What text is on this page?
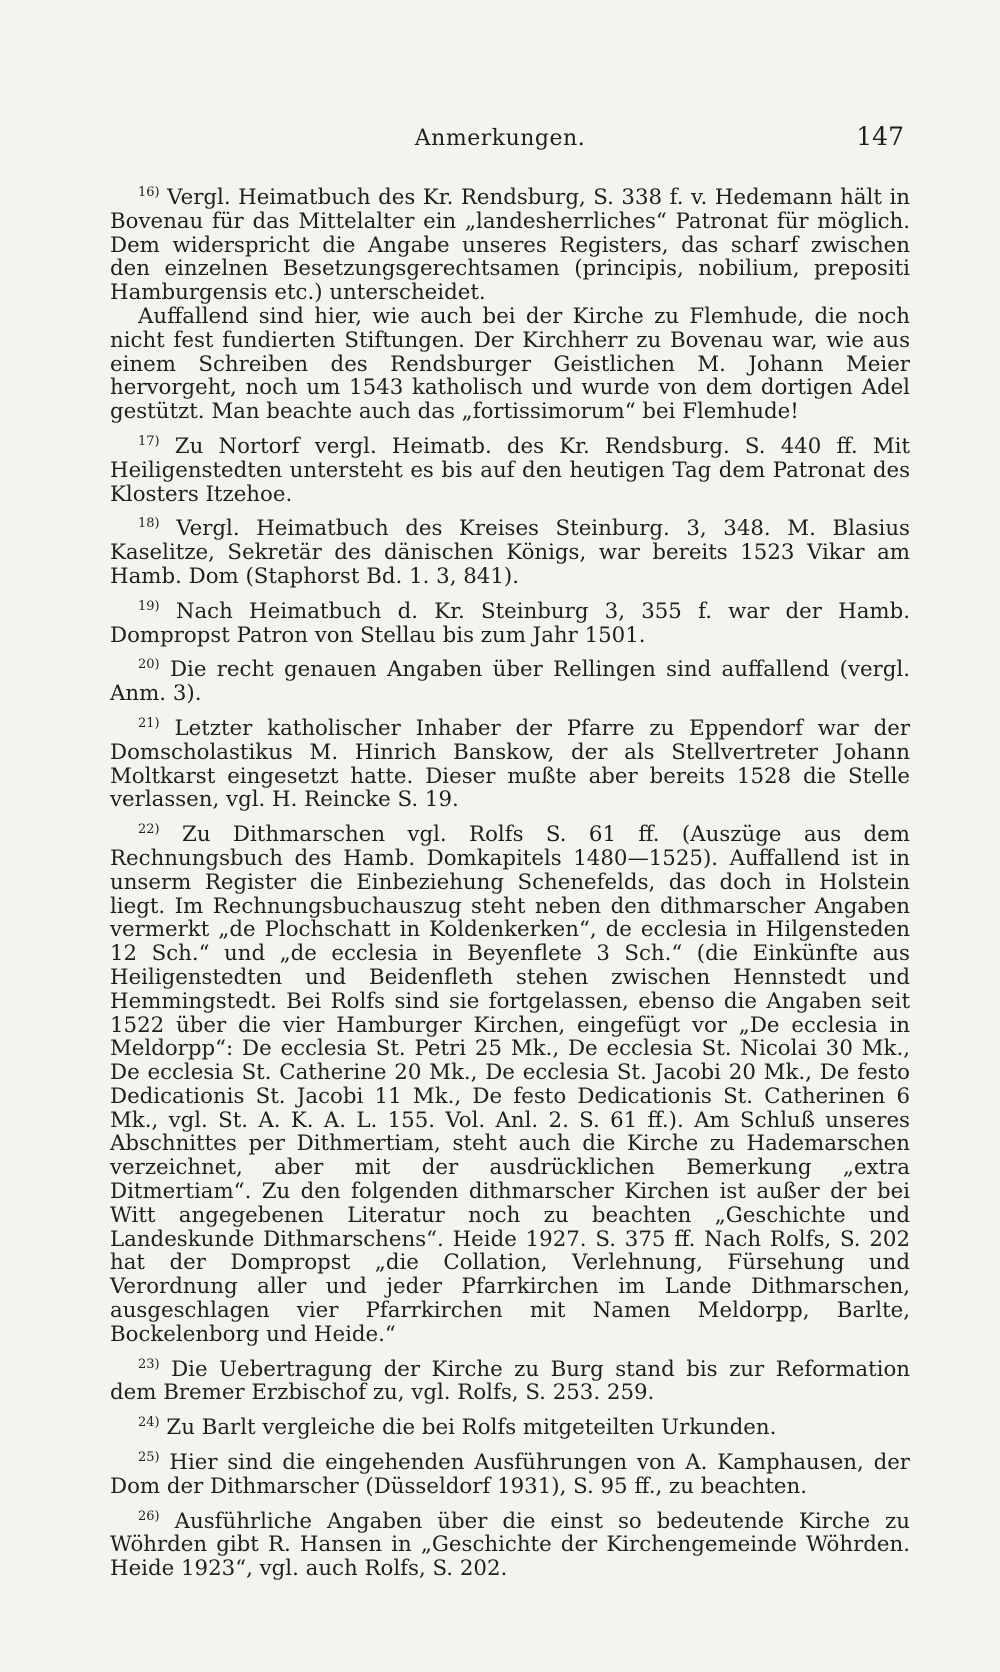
Anmerkungen.	147

$^{16)}$ Vergl. Heimatbuch des Kr. Rendsburg, S. 338 f. v. Hedemann hält in Bovenau für das Mittelalter ein „landesherrliches“ Patronat für möglich. Dem widerspricht die Angabe unseres Registers, das scharf zwischen den einzelnen Besetzungsgerechtsamen (principis, nobilium, prepositi Hamburgensis etc.) unterscheidet.

Auffallend sind hier, wie auch bei der Kirche zu Flemhude, die noch nicht fest fundierten Stiftungen. Der Kirchherr zu Bovenau war, wie aus einem Schreiben des Rendsburger Geistlichen M. Johann Meier hervorgeht, noch um 1543 katholisch und wurde von dem dortigen Adel gestützt. Man beachte auch das „fortissimorum“ bei Flemhude!

$^{17)}$ Zu Nortorf vergl. Heimatb. des Kr. Rendsburg. S. 440 ff. Mit Heiligenstedten untersteht es bis auf den heutigen Tag dem Patronat des Klosters Itzehoe.

$^{18)}$ Vergl. Heimatbuch des Kreises Steinburg. 3, 348. M. Blasius Kaselitze, Sekretär des dänischen Königs, war bereits 1523 Vikar am Hamb. Dom (Staphorst Bd. 1. 3, 841).

$^{19)}$ Nach Heimatbuch d. Kr. Steinburg 3, 355 f. war der Hamb. Dompropst Patron von Stellau bis zum Jahr 1501.

$^{20)}$ Die recht genauen Angaben über Rellingen sind auffallend (vergl. Anm. 3).

$^{21)}$ Letzter katholischer Inhaber der Pfarre zu Eppendorf war der Domscholastikus M. Hinrich Banskow, der als Stellvertreter Johann Moltkarst eingesetzt hatte. Dieser mußte aber bereits 1528 die Stelle verlassen, vgl. H. Reincke S. 19.

$^{22)}$ Zu Dithmarschen vgl. Rolfs S. 61 ff. (Auszüge aus dem Rechnungsbuch des Hamb. Domkapitels 1480—1525). Auffallend ist in unserm Register die Einbeziehung Schenefelds, das doch in Holstein liegt. Im Rechnungsbuchauszug steht neben den dithmarscher Angaben vermerkt „de Plochschatt in Koldenkerken“, de ecclesia in Hilgensteden 12 Sch.“ und „de ecclesia in Beyenflete 3 Sch.“ (die Einkünfte aus Heiligenstedten und Beidenfleth stehen zwischen Hennstedt und Hemmingstedt. Bei Rolfs sind sie fortgelassen, ebenso die Angaben seit 1522 über die vier Hamburger Kirchen, eingefügt vor „De ecclesia in Meldorpp“: De ecclesia St. Petri 25 Mk., De ecclesia St. Nicolai 30 Mk., De ecclesia St. Catherine 20 Mk., De ecclesia St. Jacobi 20 Mk., De festo Dedicationis St. Jacobi 11 Mk., De festo Dedicationis St. Catherinen 6 Mk., vgl. St. A. K. A. L. 155. Vol. Anl. 2. S. 61 ff.). Am Schluß unseres Abschnittes per Dithmertiam, steht auch die Kirche zu Hademarschen verzeichnet, aber mit der ausdrücklichen Bemerkung „extra Ditmertiam“. Zu den folgenden dithmarscher Kirchen ist außer der bei Witt angegebenen Literatur noch zu beachten „Geschichte und Landeskunde Dithmarschens“. Heide 1927. S. 375 ff. Nach Rolfs, S. 202 hat der Dompropst „die Collation, Verlehnung, Fürsehung und Verordnung aller und jeder Pfarrkirchen im Lande Dithmarschen, ausgeschlagen vier Pfarrkirchen mit Namen Meldorpp, Barlte, Bockelenborg und Heide.“

$^{23)}$ Die Uebertragung der Kirche zu Burg stand bis zur Reformation dem Bremer Erzbischof zu, vgl. Rolfs, S. 253. 259.

$^{24)}$ Zu Barlt vergleiche die bei Rolfs mitgeteilten Urkunden.

$^{25)}$ Hier sind die eingehenden Ausführungen von A. Kamphausen, der Dom der Dithmarscher (Düsseldorf 1931), S. 95 ff., zu beachten.

$^{26)}$ Ausführliche Angaben über die einst so bedeutende Kirche zu Wöhrden gibt R. Hansen in „Geschichte der Kirchengemeinde Wöhrden. Heide 1923“, vgl. auch Rolfs, S. 202.
